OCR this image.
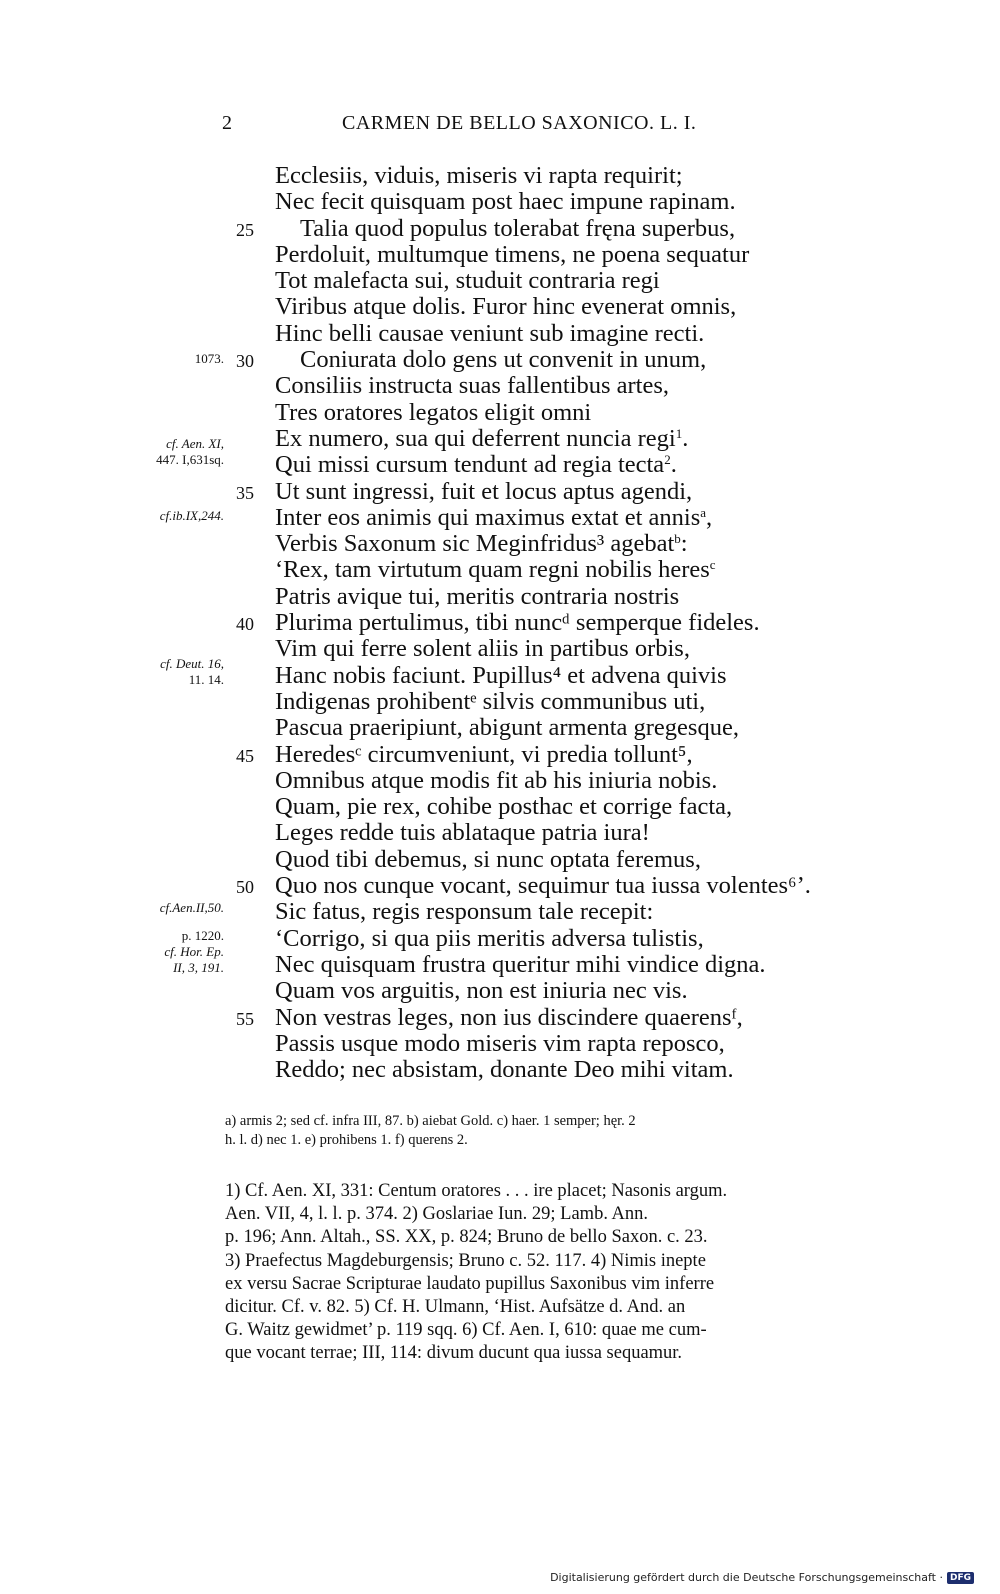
2	CARMEN DE BELLO SAXONICO. L. I.
Ecclesiis, viduis, miseris vi rapta requirit;
Nec fecit quisquam post haec impune rapinam.
25 Talia quod populus tolerabat fręna superbus,
Perdoluit, multumque timens, ne poena sequatur
Tot malefacta sui, studuit contraria regi
Viribus atque dolis. Furor hinc evenerat omnis,
Hinc belli causae veniunt sub imagine recti.
30 Coniurata dolo gens ut convenit in unum,
Consiliis instructa suas fallentibus artes,
Tres oratores legatos eligit omni
Ex numero, sua qui deferrent nuncia regi$^1$.
Qui missi cursum tendunt ad regia tecta$^2$.
35 Ut sunt ingressi, fuit et locus aptus agendi,
Inter eos animis qui maximus extat et annis$^a$,
Verbis Saxonum sic Meginfridus³ agebat$^b$:
‘Rex, tam virtutum quam regni nobilis heres$^c$
Patris avique tui, meritis contraria nostris
40 Plurima pertulimus, tibi nuncᵈ semperque fideles.
Vim qui ferre solent aliis in partibus orbis,
Hanc nobis faciunt. Pupillus⁴ et advena quivis
Indigenas prohibentᵉ silvis communibus uti,
Pascua praeripiunt, abigunt armenta gregesque,
45 Heredesᶜ circumveniunt, vi predia tollunt⁵,
Omnibus atque modis fit ab his iniuria nobis.
Quam, pie rex, cohibe posthac et corrige facta,
Leges redde tuis ablataque patria iura!
Quod tibi debemus, si nunc optata feremus,
50 Quo nos cunque vocant, sequimur tua iussa volentes⁶’.
Sic fatus, regis responsum tale recepit:
‘Corrigo, si qua piis meritis adversa tulistis,
Nec quisquam frustra queritur mihi vindice digna.
Quam vos arguitis, non est iniuria nec vis.
55 Non vestras leges, non ius discindere quaerensᶠ,
Passis usque modo miseris vim rapta reposco,
Reddo; nec absistam, donante Deo mihi vitam.
1073.
cf. Aen. XI,
447. I,631sq.
cf.ib.IX,244.
cf. Deut. 16,
11. 14.
cf.Aen.II,50.
p. 1220.
cf. Hor. Ep.
II, 3, 191.
a) armis 2; sed cf. infra III, 87. b) aiebat Gold. c) haer. 1 semper; hęr. 2
h. l. d) nec 1. e) prohibens 1. f) querens 2.

1) Cf. Aen. XI, 331: Centum oratores . . . ire placet; Nasonis argum.

Aen. VII, 4, l. l. p. 374. 2) Goslariae Iun. 29; Lamb. Ann.

p. 196; Ann. Altah., SS. XX, p. 824; Bruno de bello Saxon. c. 23.

3) Praefectus Magdeburgensis; Bruno c. 52. 117. 4) Nimis inepte

ex versu Sacrae Scripturae laudato pupillus Saxonibus vim inferre

dicitur. Cf. v. 82. 5) Cf. H. Ulmann, ‘Hist. Aufsätze d. And. an

G. Waitz gewidmet’ p. 119 sqq. 6) Cf. Aen. I, 610: quae me cum-

que vocant terrae; III, 114: divum ducunt qua iussa sequamur.

Digitalisierung gefördert durch die Deutsche Forschungsgemeinschaft · DFG
